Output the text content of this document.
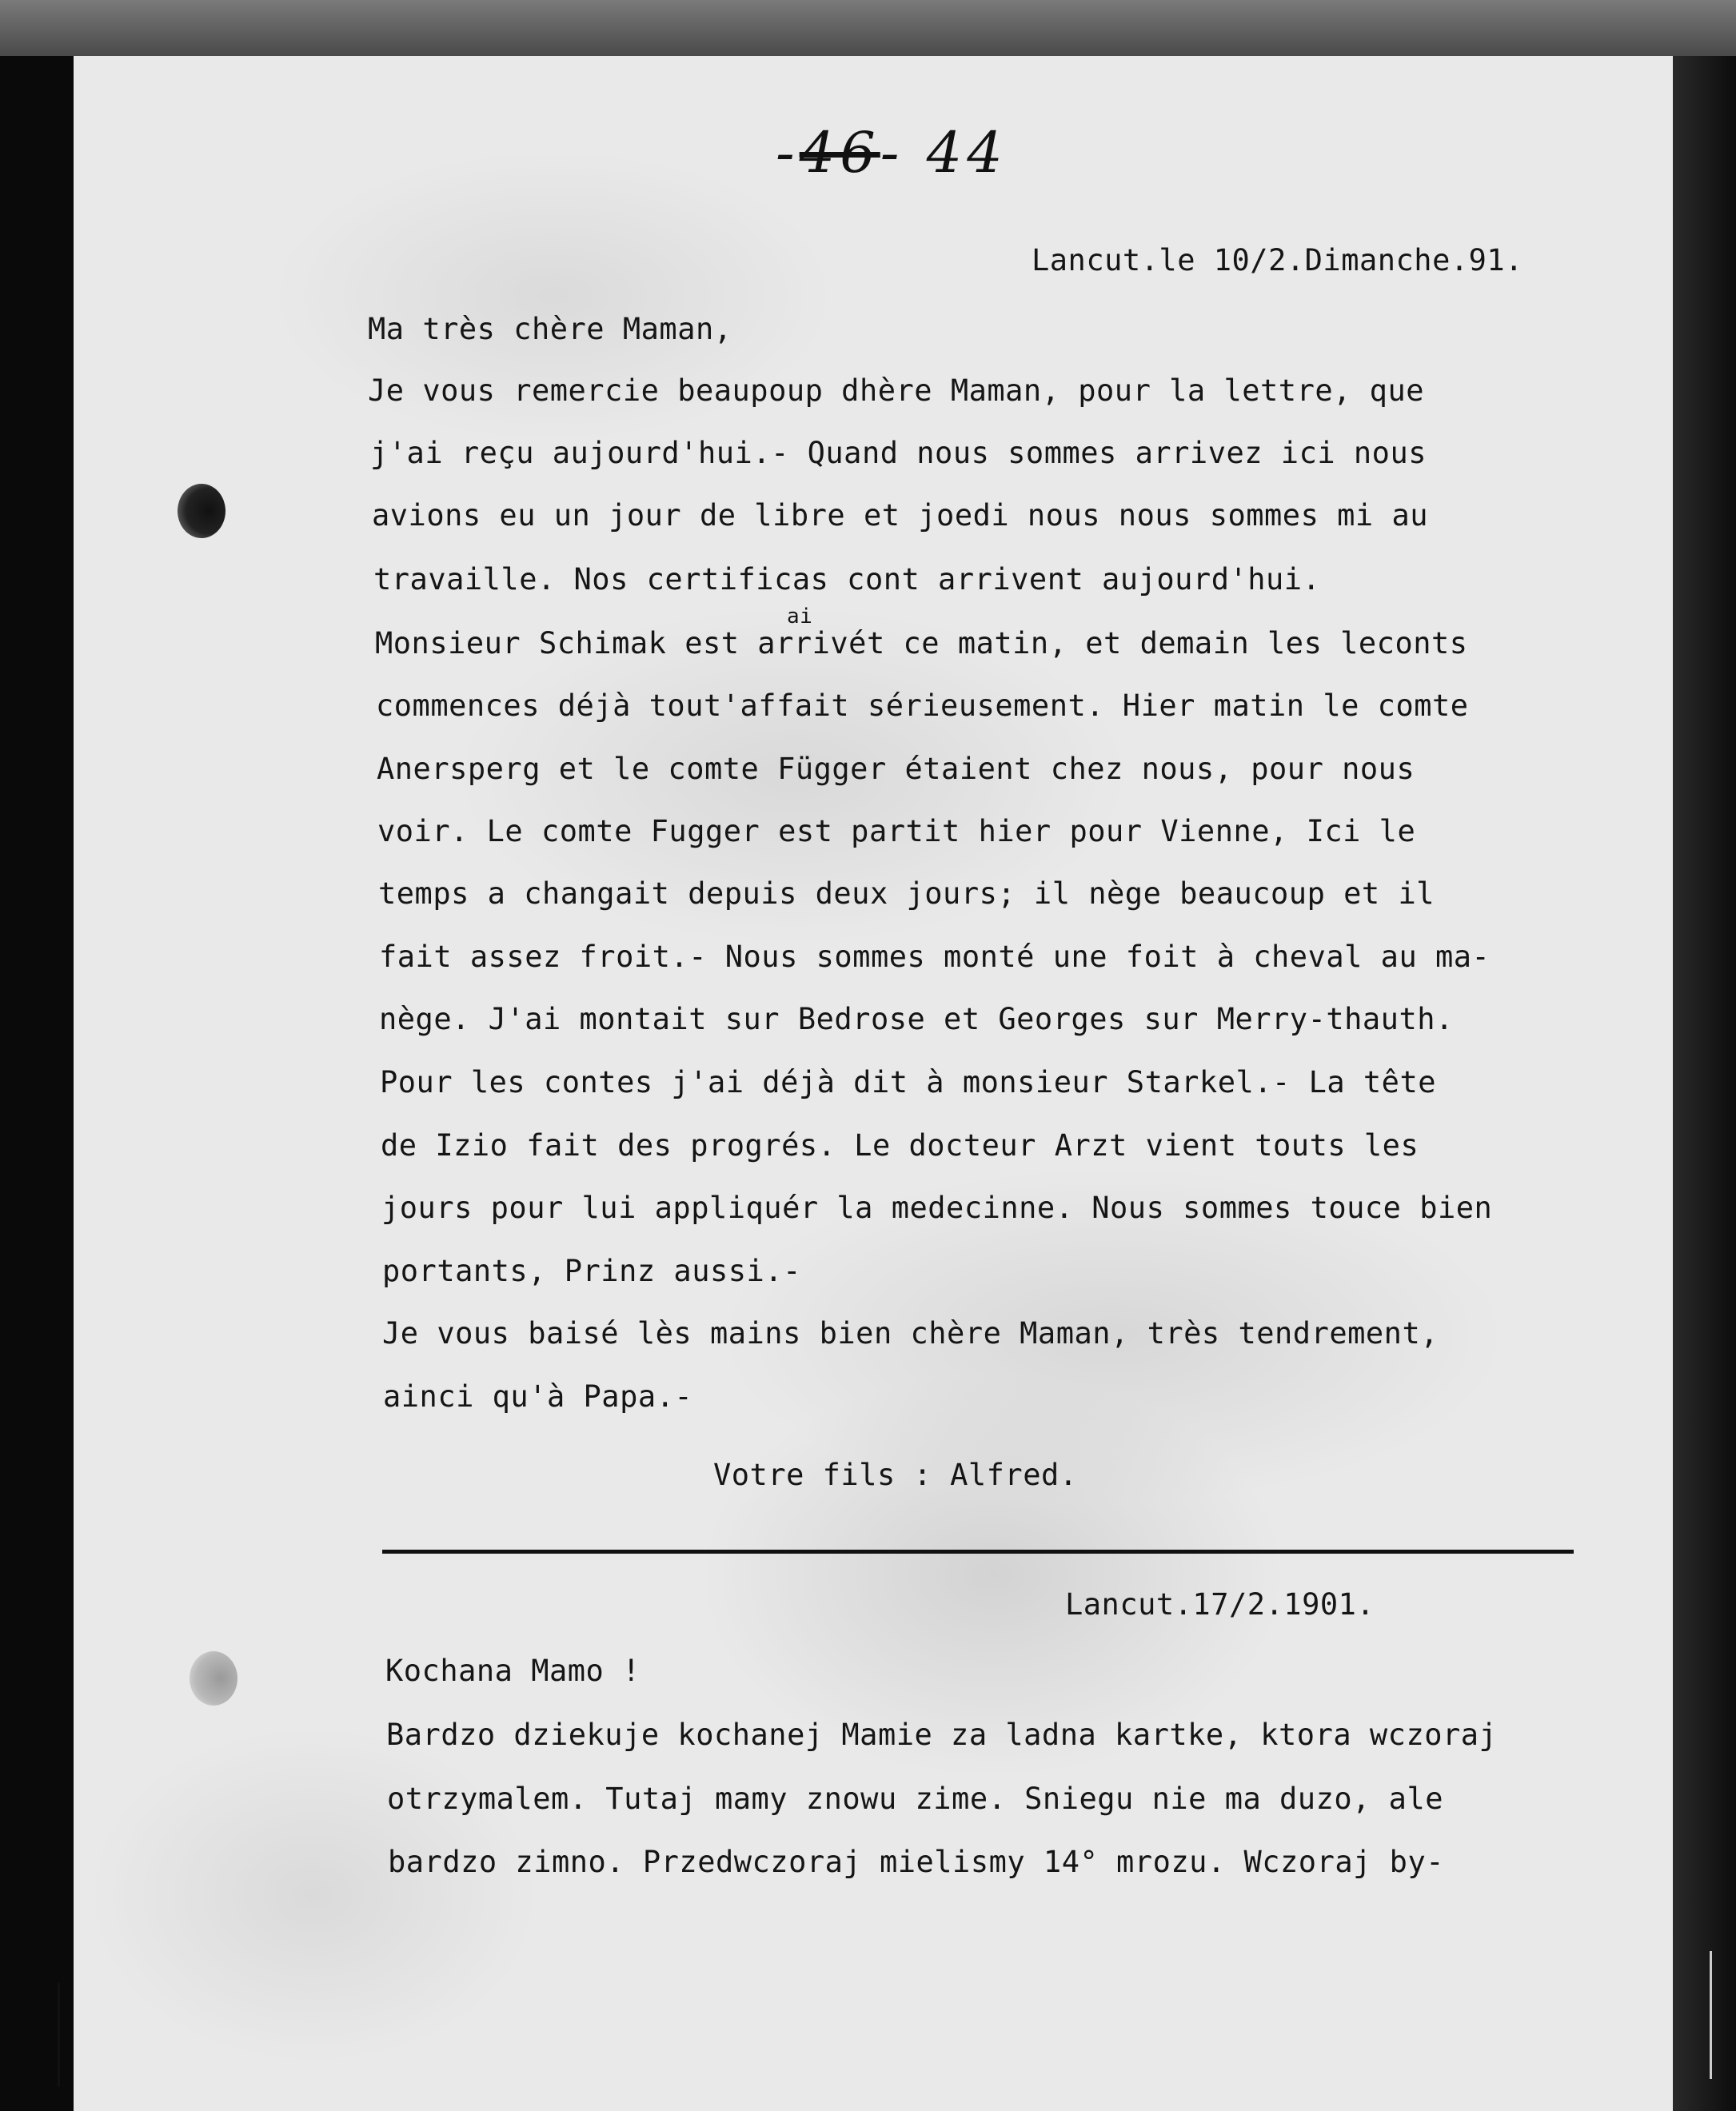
-46- 44
Lancut.le 10/2.Dimanche.91.
Ma très chère Maman,
Je vous remercie beaupoup dhère Maman, pour la lettre, que
j'ai reçu aujourd'hui.- Quand nous sommes arrivez ici nous
avions eu un jour de libre et joedi nous nous sommes mi au
travaille. Nos certificas cont arrivent aujourd'hui.
ai
Monsieur Schimak est arrivét ce matin, et demain les leconts
commences déjà tout'affait sérieusement. Hier matin le comte
Anersperg et le comte Függer étaient chez nous, pour nous
voir. Le comte Fugger est partit hier pour Vienne, Ici le
temps a changait depuis deux jours; il nège beaucoup et il
fait assez froit.- Nous sommes monté une foit à cheval au ma-
nège. J'ai montait sur Bedrose et Georges sur Merry-thauth.
Pour les contes j'ai déjà dit à monsieur Starkel.- La tête
de Izio fait des progrés. Le docteur Arzt vient touts les
jours pour lui appliquér la medecinne. Nous sommes touce bien
portants, Prinz aussi.-
Je vous baisé lès mains bien chère Maman, très tendrement,
ainci qu'à Papa.-
Votre fils : Alfred.
Lancut.17/2.1901.
Kochana Mamo !
Bardzo dziekuje kochanej Mamie za ladna kartke, ktora wczoraj
otrzymalem. Tutaj mamy znowu zime. Sniegu nie ma duzo, ale
bardzo zimno. Przedwczoraj mielismy 14° mrozu. Wczoraj by-
